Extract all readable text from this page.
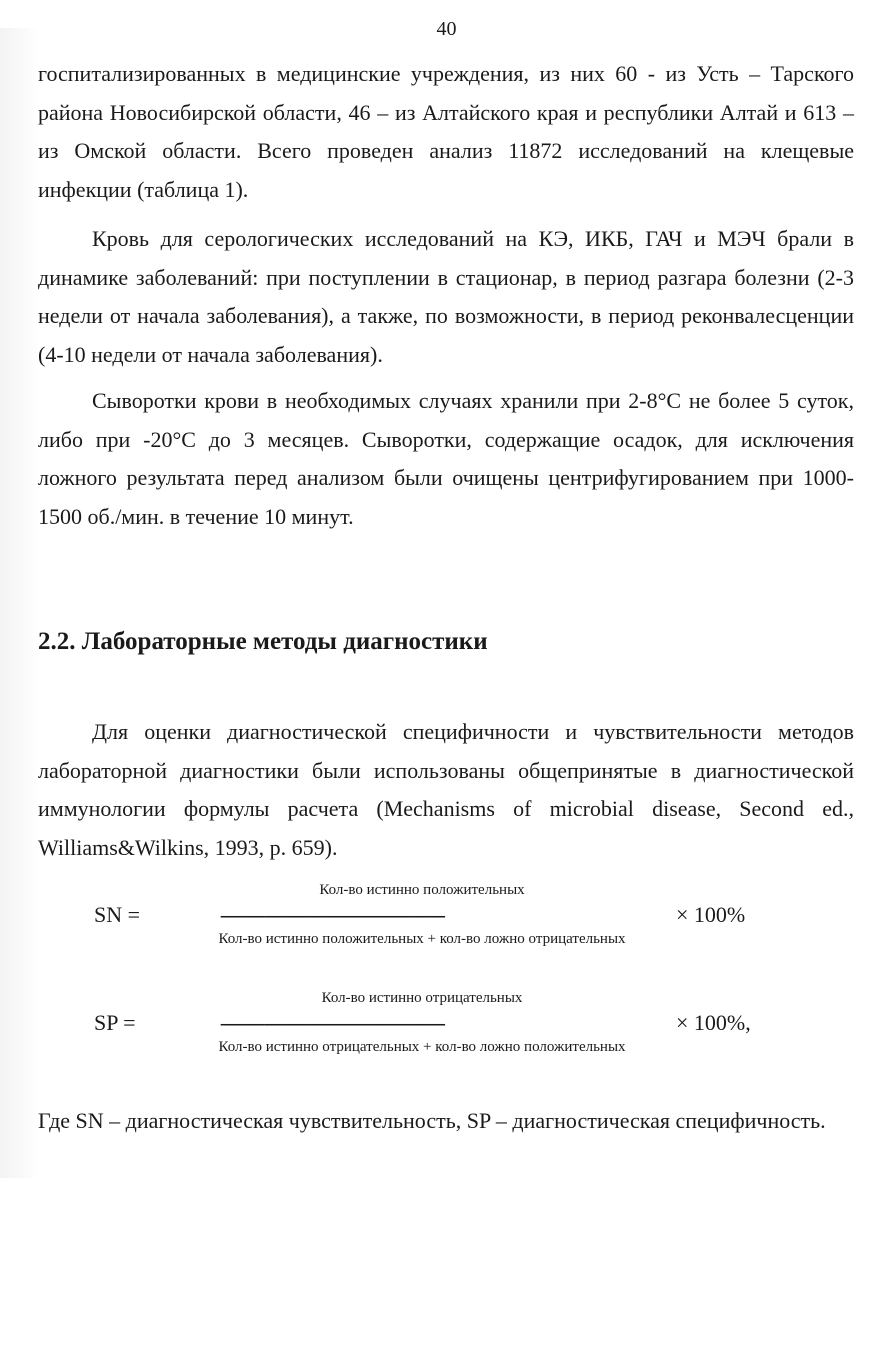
40

госпитализированных в медицинские учреждения, из них 60 - из Усть – Тарского района Новосибирской области, 46 – из Алтайского края и республики Алтай и 613 – из Омской области. Всего проведен анализ 11872 исследований на клещевые инфекции (таблица 1).

Кровь для серологических исследований на КЭ, ИКБ, ГАЧ и МЭЧ брали в динамике заболеваний: при поступлении в стационар, в период разгара болезни (2-3 недели от начала заболевания), а также, по возможности, в период реконвалесценции (4-10 недели от начала заболевания).

Сыворотки крови в необходимых случаях хранили при 2-8°С не более 5 суток, либо при -20°С до 3 месяцев. Сыворотки, содержащие осадок, для исключения ложного результата перед анализом были очищены центрифугированием при 1000-1500 об./мин. в течение 10 минут.

2.2. Лабораторные методы диагностики

Для оценки диагностической специфичности и чувствительности методов лабораторной диагностики были использованы общепринятые в диагностической иммунологии формулы расчета (Mechanisms of microbial disease, Second ed., Williams&Wilkins, 1993, p. 659).

SN =
Кол-во истинно положительных
---------------------------------------------------
Кол-во истинно положительных + кол-во ложно отрицательных
× 100%
SP =
Кол-во истинно отрицательных
---------------------------------------------------
Кол-во истинно отрицательных + кол-во ложно положительных
× 100%,

Где SN – диагностическая чувствительность, SP – диагностическая специфичность.
